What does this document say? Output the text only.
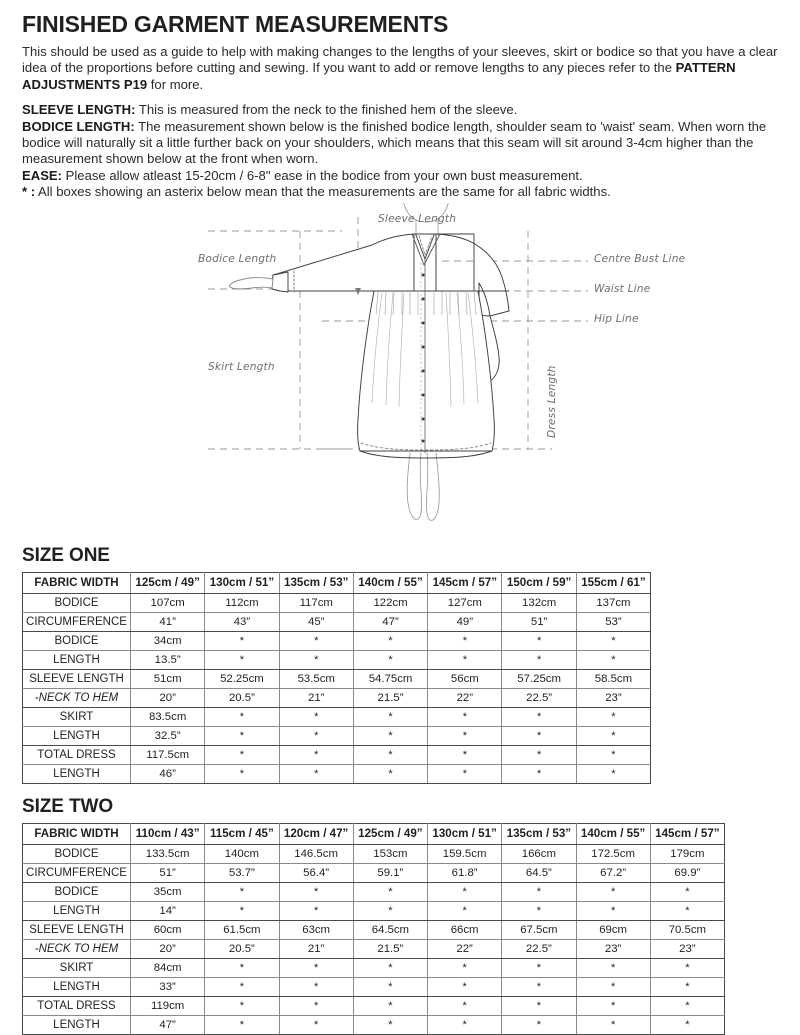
FINISHED GARMENT MEASUREMENTS

This should be used as a guide to help with making changes to the lengths of your sleeves, skirt or bodice so that you have a clear idea of the proportions before cutting and sewing. If you want to add or remove lengths to any pieces refer to the PATTERN ADJUSTMENTS P19 for more.

SLEEVE LENGTH: This is measured from the neck to the finished hem of the sleeve.

BODICE LENGTH: The measurement shown below is the finished bodice length, shoulder seam to 'waist' seam. When worn the bodice will naturally sit a little further back on your shoulders, which means that this seam will sit around 3-4cm higher than the measurement shown below at the front when worn.

EASE: Please allow atleast 15-20cm / 6-8" ease in the bodice from your own bust measurement.

* : All boxes showing an asterix below mean that the measurements are the same for all fabric widths.

Sleeve Length
Bodice Length
Skirt Length	Dress Length
Centre Bust Line
Waist Line
Hip Line
SIZE ONE
FABRIC WIDTH	125cm / 49”	130cm / 51”	135cm / 53”	140cm / 55”	145cm / 57”	150cm / 59”	155cm / 61”
BODICE	107cm	112cm	117cm	122cm	127cm	132cm	137cm
CIRCUMFERENCE	41”	43”	45”	47”	49”	51”	53”
BODICE	34cm	*	*	*	*	*	*
LENGTH	13.5”	*	*	*	*	*	*
SLEEVE LENGTH	51cm	52.25cm	53.5cm	54.75cm	56cm	57.25cm	58.5cm
-NECK TO HEM	20”	20.5”	21”	21.5”	22”	22.5”	23”
SKIRT	83.5cm	*	*	*	*	*	*
LENGTH	32.5”	*	*	*	*	*	*
TOTAL DRESS	117.5cm	*	*	*	*	*	*
LENGTH	46”	*	*	*	*	*	*
SIZE TWO
FABRIC WIDTH	110cm / 43”	115cm / 45”	120cm / 47”	125cm / 49”	130cm / 51”	135cm / 53”	140cm / 55”	145cm / 57”
BODICE	133.5cm	140cm	146.5cm	153cm	159.5cm	166cm	172.5cm	179cm
CIRCUMFERENCE	51”	53.7”	56.4”	59.1”	61.8”	64.5”	67.2”	69.9”
BODICE	35cm	*	*	*	*	*	*	*
LENGTH	14”	*	*	*	*	*	*	*
SLEEVE LENGTH	60cm	61.5cm	63cm	64.5cm	66cm	67.5cm	69cm	70.5cm
-NECK TO HEM	20”	20.5”	21”	21.5”	22”	22.5”	23”	23”
SKIRT	84cm	*	*	*	*	*	*	*
LENGTH	33”	*	*	*	*	*	*	*
TOTAL DRESS	119cm	*	*	*	*	*	*	*
LENGTH	47”	*	*	*	*	*	*	*
